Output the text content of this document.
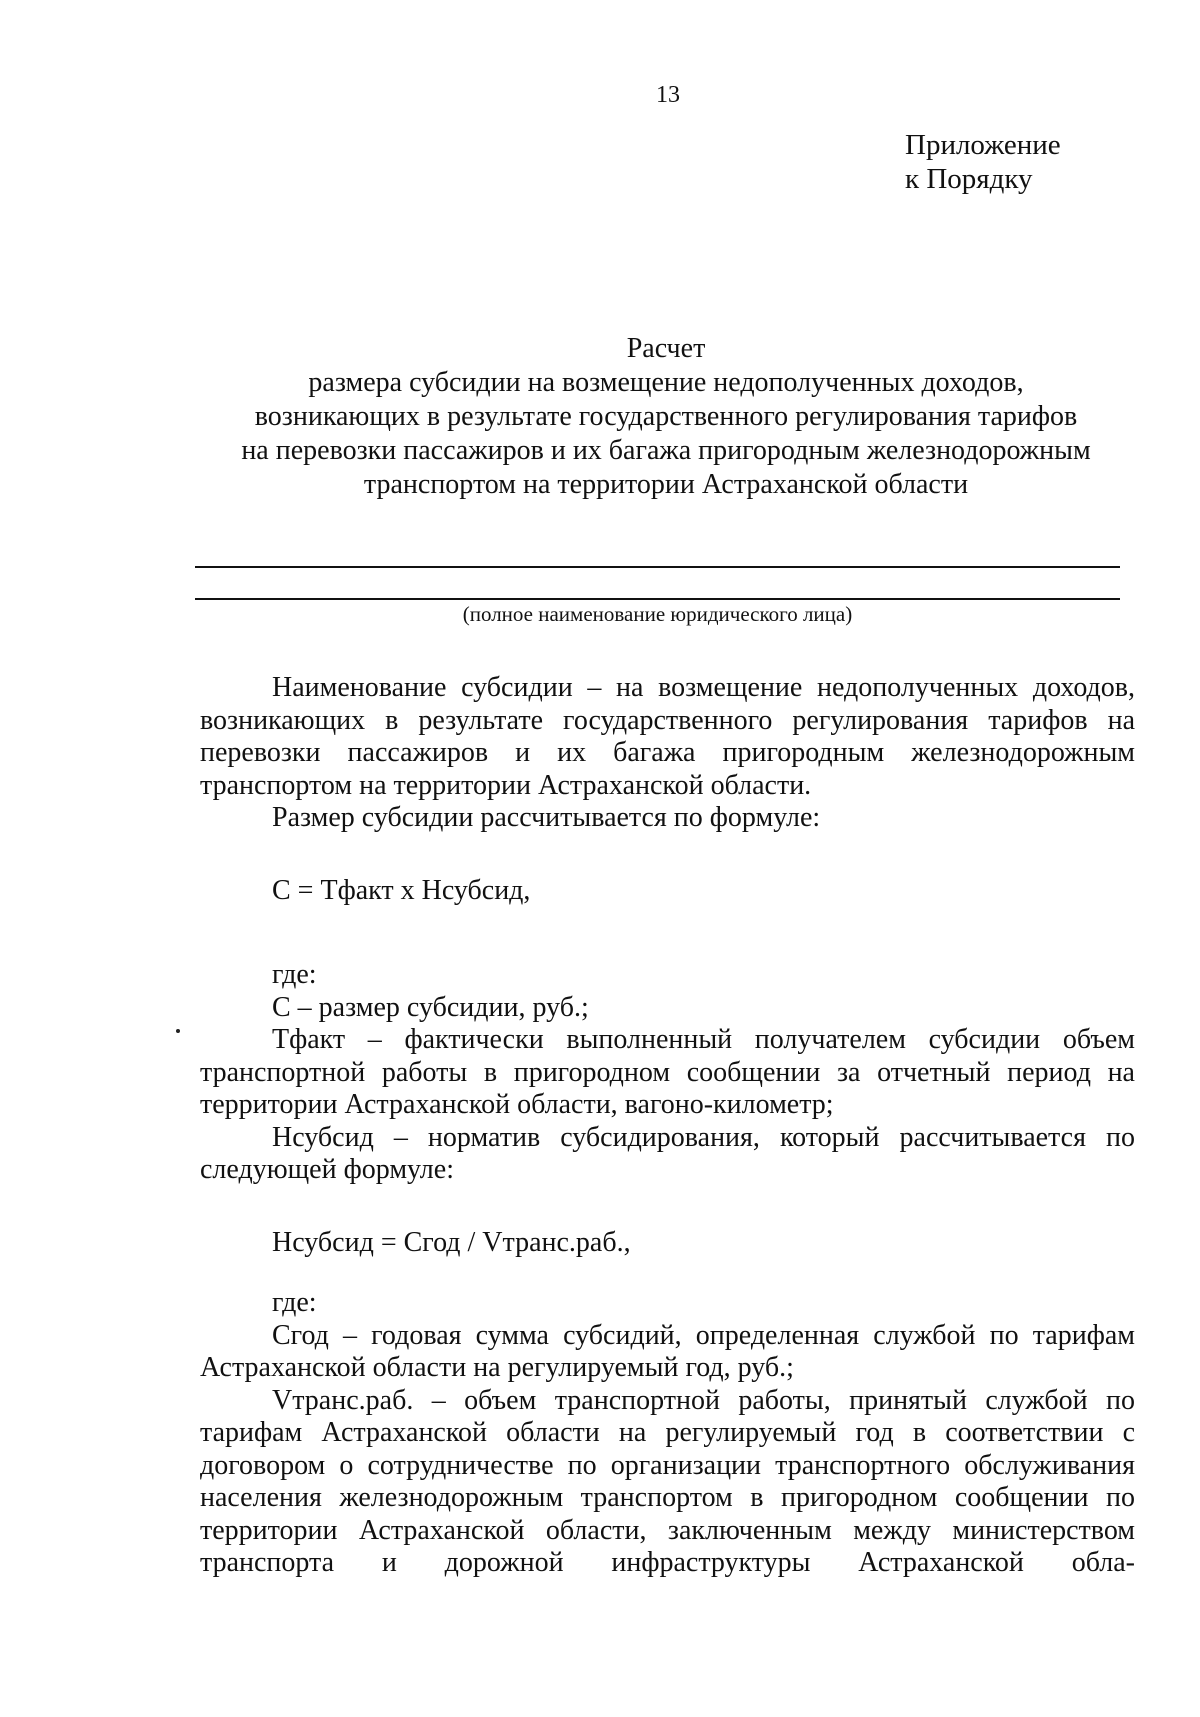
13
Приложение
к Порядку
Расчет
размера субсидии на возмещение недополученных доходов,
возникающих в результате государственного регулирования тарифов
на перевозки пассажиров и их багажа пригородным железнодорожным
транспортом на территории Астраханской области
(полное наименование юридического лица)

Наименование субсидии – на возмещение недополученных доходов, возникающих в результате государственного регулирования тарифов на перевозки пассажиров и их багажа пригородным железнодорожным транспортом на территории Астраханской области.

Размер субсидии рассчитывается по формуле:

С = Тфакт х Нсубсид,

где:

С – размер субсидии, руб.;

Тфакт – фактически выполненный получателем субсидии объем транспортной работы в пригородном сообщении за отчетный период на территории Астраханской области, вагоно-километр;

Нсубсид – норматив субсидирования, который рассчитывается по следующей формуле:

Нсубсид = Сгод / Vтранс.раб.,

где:

Сгод – годовая сумма субсидий, определенная службой по тарифам Астраханской области на регулируемый год, руб.;

Vтранс.раб. – объем транспортной работы, принятый службой по тарифам Астраханской области на регулируемый год в соответствии с договором о сотрудничестве по организации транспортного обслуживания населения железнодорожным транспортом в пригородном сообщении по территории Астраханской области, заключенным между министерством транспорта и дорожной инфраструктуры Астраханской обла-
